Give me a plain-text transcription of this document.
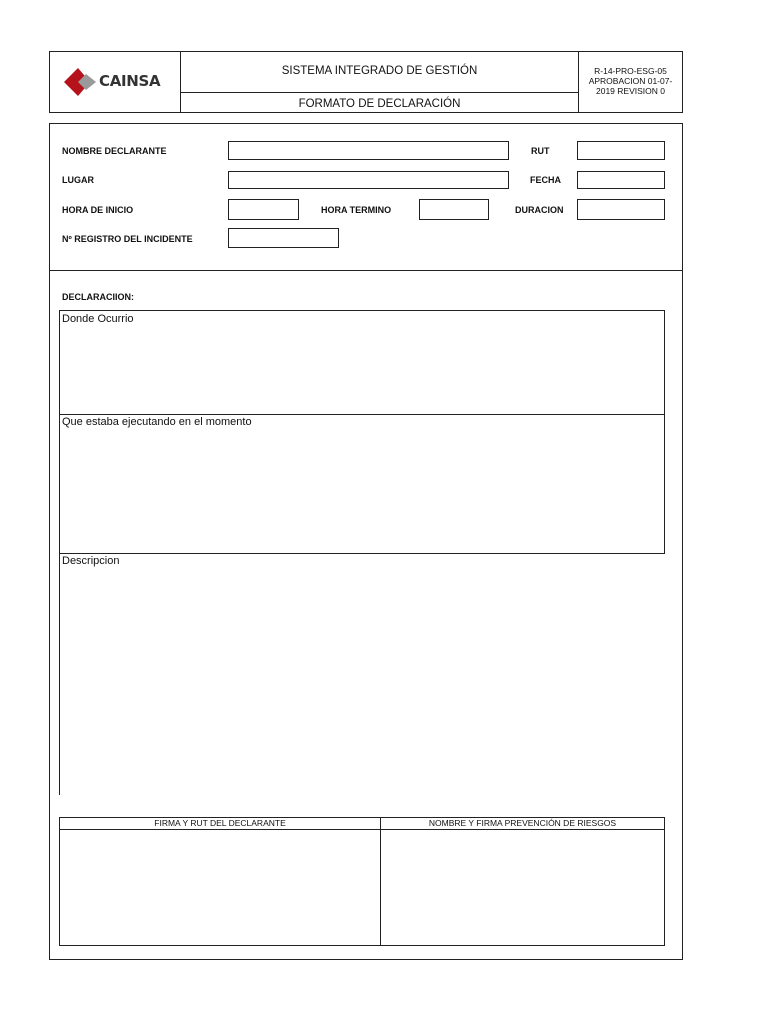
CAINSA
SISTEMA INTEGRADO DE GESTIÓN
FORMATO DE DECLARACIÓN
R-14-PRO-ESG-05
APROBACION 01-07-
2019 REVISION 0
NOMBRE DECLARANTE	RUT
LUGAR	FECHA
HORA DE INICIO	HORA TERMINO	DURACION
Nº REGISTRO DEL INCIDENTE
DECLARACIION:
Donde Ocurrio
Que estaba ejecutando en el momento
Descripcion
FIRMA Y RUT DEL DECLARANTE	NOMBRE Y FIRMA PREVENCIÓN DE RIESGOS
